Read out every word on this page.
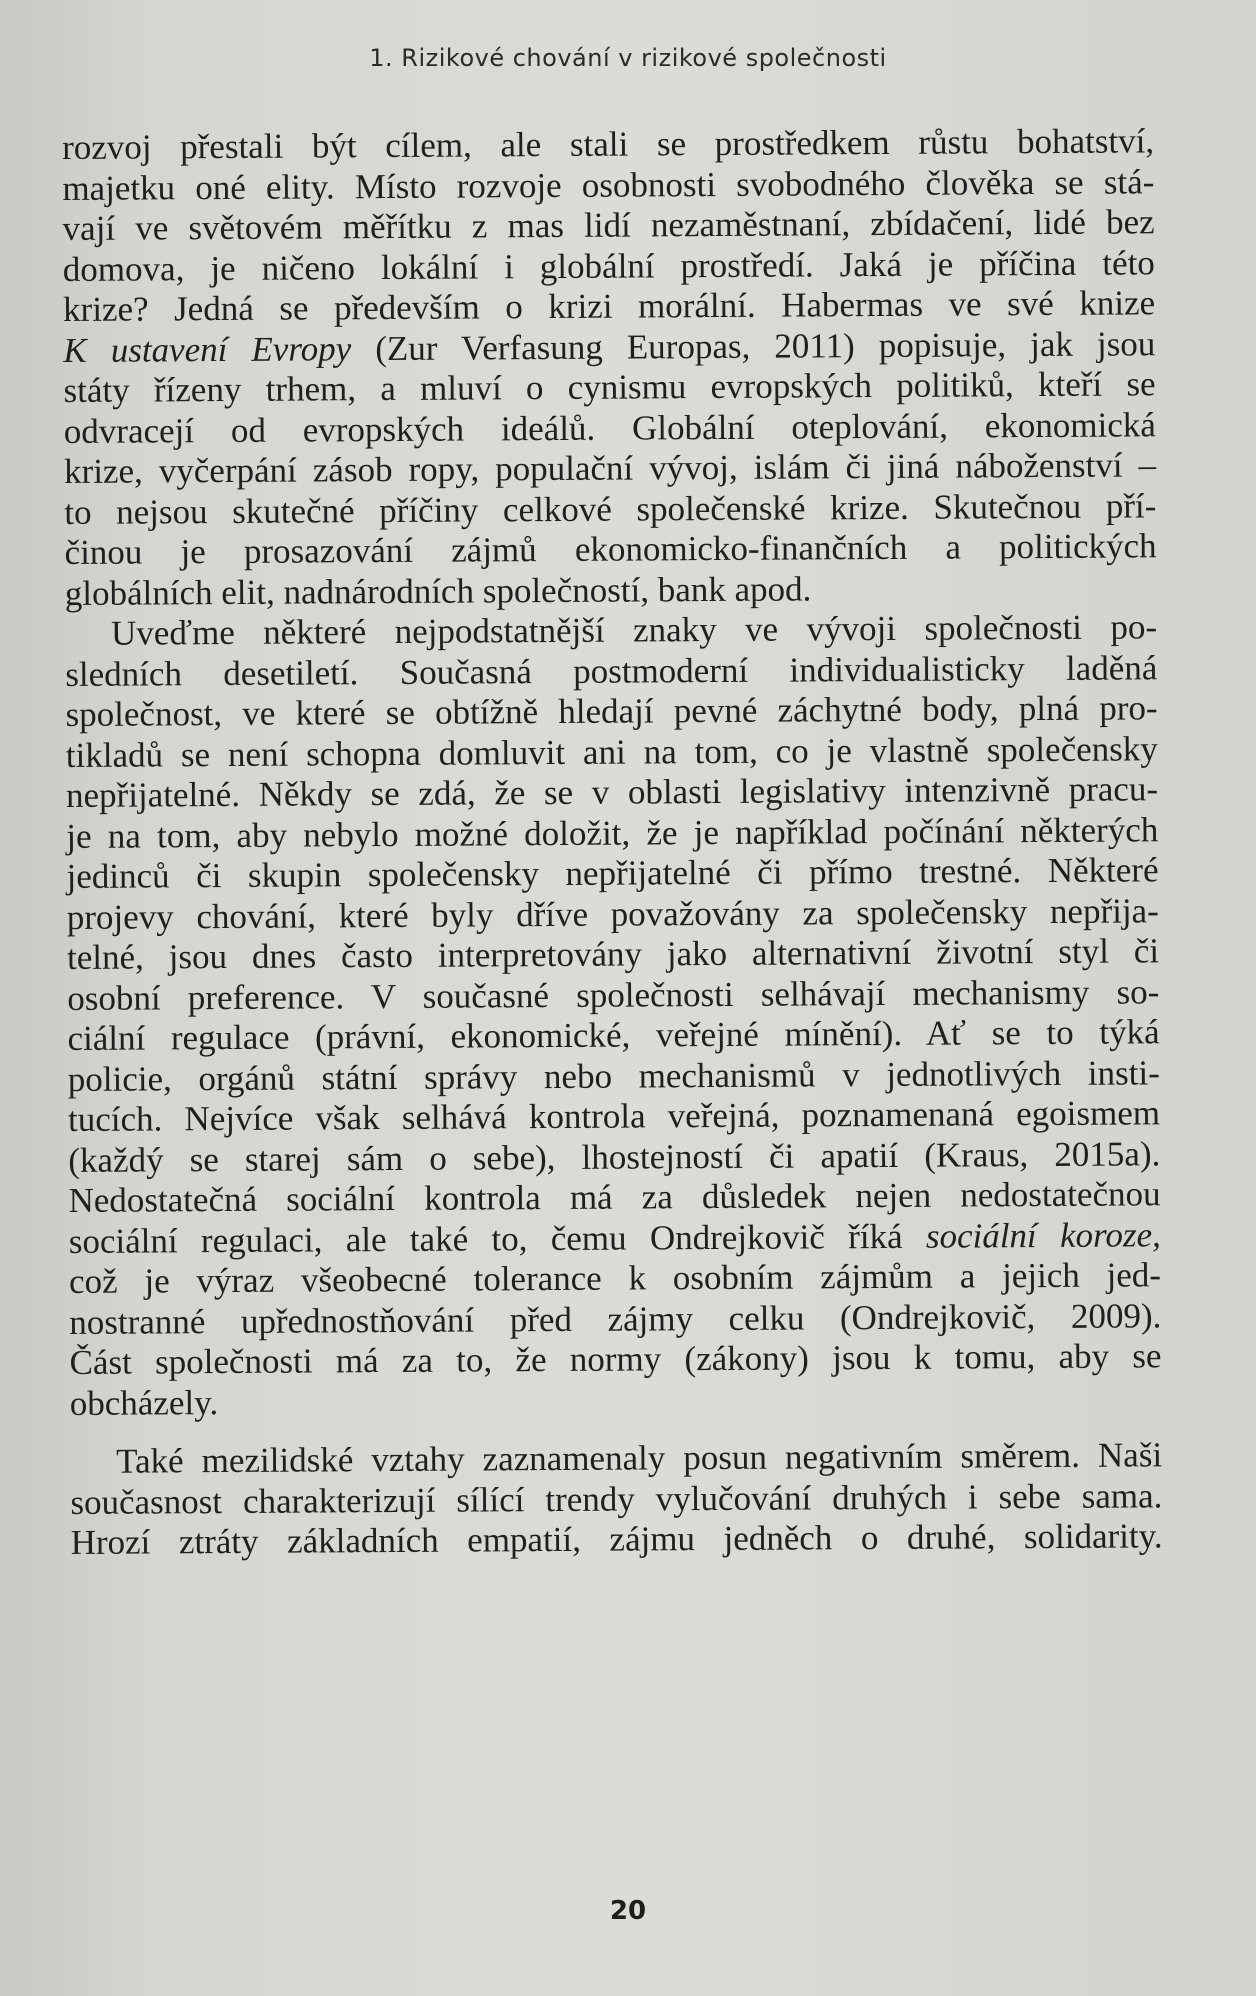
1. Rizikové chování v rizikové společnosti

rozvoj přestali být cílem, ale stali se prostředkem růstu bohatství,
majetku oné elity. Místo rozvoje osobnosti svobodného člověka se stá-
vají ve světovém měřítku z mas lidí nezaměstnaní, zbídačení, lidé bez
domova, je ničeno lokální i globální prostředí. Jaká je příčina této
krize? Jedná se především o krizi morální. Habermas ve své knize
K ustavení Evropy (Zur Verfasung Europas, 2011) popisuje, jak jsou
státy řízeny trhem, a mluví o cynismu evropských politiků, kteří se
odvracejí od evropských ideálů. Globální oteplování, ekonomická
krize, vyčerpání zásob ropy, populační vývoj, islám či jiná náboženství –
to nejsou skutečné příčiny celkové společenské krize. Skutečnou pří-
činou je prosazování zájmů ekonomicko-finančních a politických
globálních elit, nadnárodních společností, bank apod.

Uveďme některé nejpodstatnější znaky ve vývoji společnosti po-
sledních desetiletí. Současná postmoderní individualisticky laděná
společnost, ve které se obtížně hledají pevné záchytné body, plná pro-
tikladů se není schopna domluvit ani na tom, co je vlastně společensky
nepřijatelné. Někdy se zdá, že se v oblasti legislativy intenzivně pracu-
je na tom, aby nebylo možné doložit, že je například počínání některých
jedinců či skupin společensky nepřijatelné či přímo trestné. Některé
projevy chování, které byly dříve považovány za společensky nepřija-
telné, jsou dnes často interpretovány jako alternativní životní styl či
osobní preference. V současné společnosti selhávají mechanismy so-
ciální regulace (právní, ekonomické, veřejné mínění). Ať se to týká
policie, orgánů státní správy nebo mechanismů v jednotlivých insti-
tucích. Nejvíce však selhává kontrola veřejná, poznamenaná egoismem
(každý se starej sám o sebe), lhostejností či apatií (Kraus, 2015a).
Nedostatečná sociální kontrola má za důsledek nejen nedostatečnou
sociální regulaci, ale také to, čemu Ondrejkovič říká sociální koroze,
což je výraz všeobecné tolerance k osobním zájmům a jejich jed-
nostranné upřednostňování před zájmy celku (Ondrejkovič, 2009).
Část společnosti má za to, že normy (zákony) jsou k tomu, aby se
obcházely.

Také mezilidské vztahy zaznamenaly posun negativním směrem. Naši
současnost charakterizují sílící trendy vylučování druhých i sebe sama.
Hrozí ztráty základních empatií, zájmu jedněch o druhé, solidarity.

20
